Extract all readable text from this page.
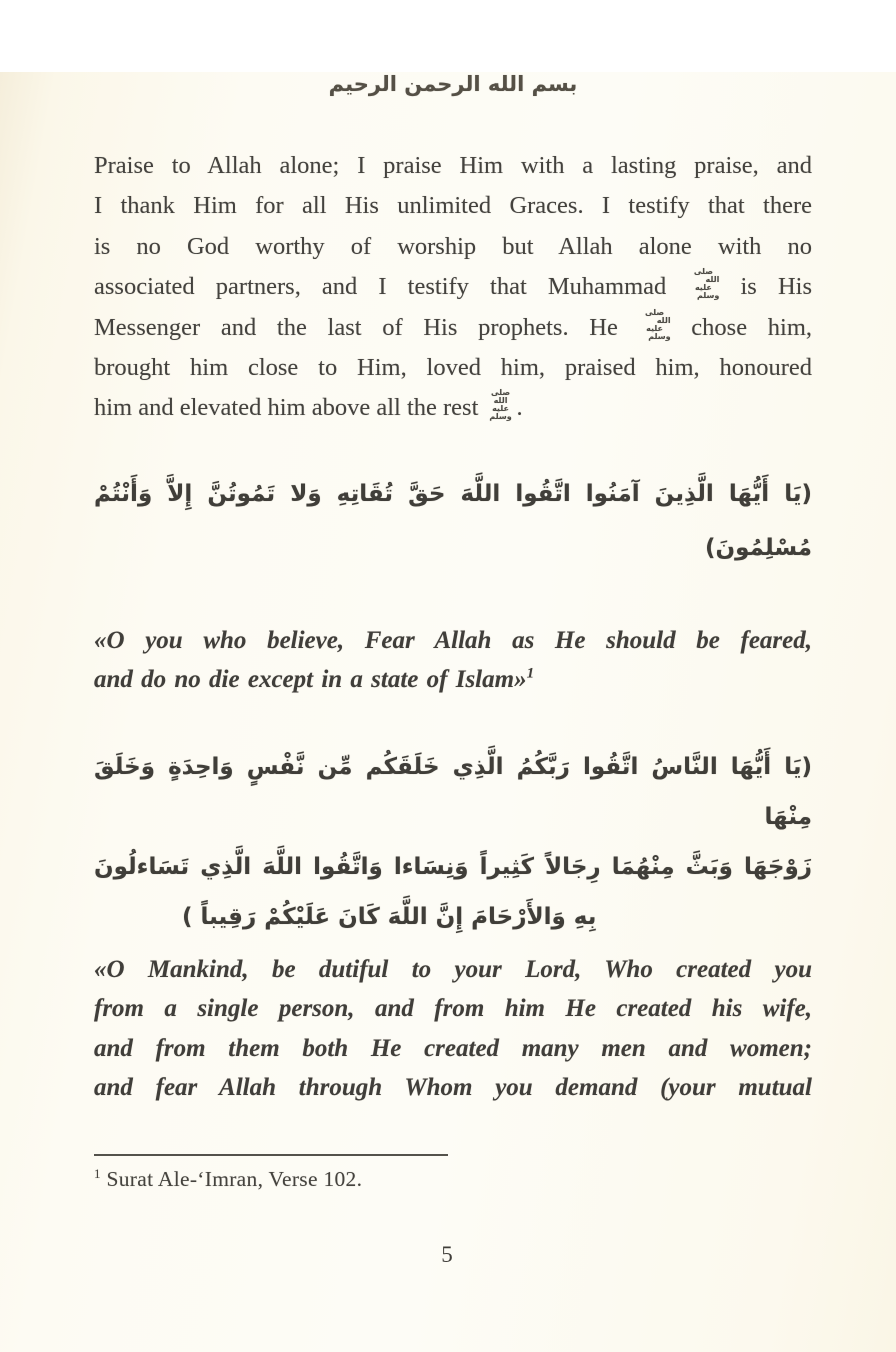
بسم الله الرحمن الرحيم
Praise to Allah alone; I praise Him with a lasting praise, and
I thank Him for all His unlimited Graces. I testify that there
is no God worthy of worship but Allah alone with no
associated partners, and I testify that Muhammad
صلى الله
عليه وسلم is His
Messenger and the last of His prophets. He
صلى الله
عليه وسلم chose him,
brought him close to Him, loved him, praised him, honoured
him and elevated him above all the rest
صلى الله
عليه وسلم .
(يَا أَيُّهَا الَّذِينَ آمَنُوا اتَّقُوا اللَّهَ حَقَّ تُقَاتِهِ وَلا تَمُوتُنَّ إِلاَّ وَأَنْتُمْ
مُسْلِمُونَ)
«O you who believe, Fear Allah as He should be feared,
and do no die except in a state of Islam»$^1$
(يَا أَيُّهَا النَّاسُ اتَّقُوا رَبَّكُمُ الَّذِي خَلَقَكُم مِّن نَّفْسٍ وَاحِدَةٍ وَخَلَقَ مِنْهَا
زَوْجَهَا وَبَثَّ مِنْهُمَا رِجَالاً كَثِيراً وَنِسَاءا وَاتَّقُوا اللَّهَ الَّذِي تَسَاءلُونَ
بِهِ وَالأَرْحَامَ إِنَّ اللَّهَ كَانَ عَلَيْكُمْ رَقِيباً )
«O Mankind, be dutiful to your Lord, Who created you
from a single person, and from him He created his wife,
and from them both He created many men and women;
and fear Allah through Whom you demand (your mutual
$^1$ Surat Ale-‘Imran, Verse 102.
5
